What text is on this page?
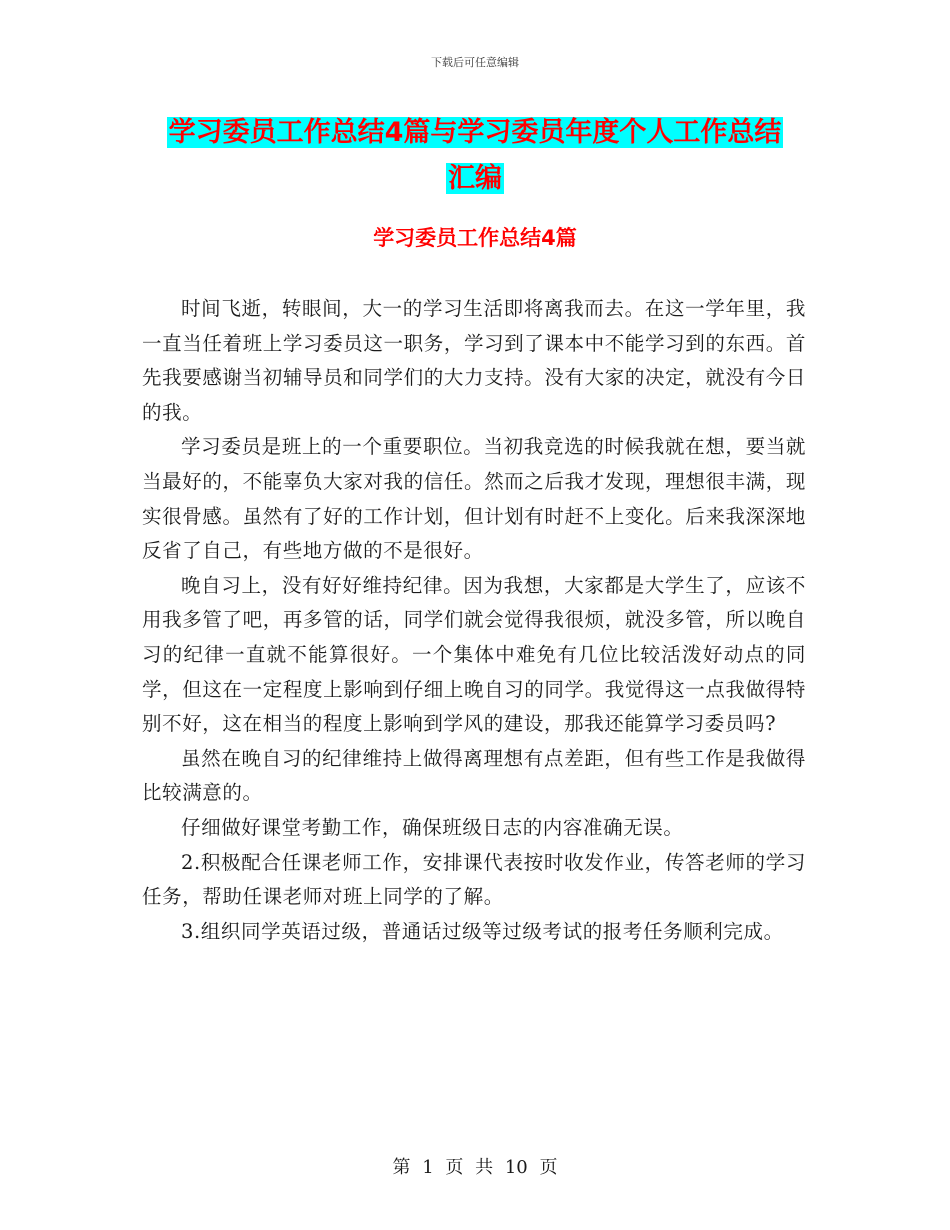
下载后可任意编辑
学习委员工作总结4篇与学习委员年度个人工作总结
汇编
学习委员工作总结4篇

时间飞逝，转眼间，大一的学习生活即将离我而去。在这一学年里，我一直当任着班上学习委员这一职务，学习到了课本中不能学习到的东西。首先我要感谢当初辅导员和同学们的大力支持。没有大家的决定，就没有今日的我。

学习委员是班上的一个重要职位。当初我竞选的时候我就在想，要当就当最好的，不能辜负大家对我的信任。然而之后我才发现，理想很丰满，现实很骨感。虽然有了好的工作计划，但计划有时赶不上变化。后来我深深地反省了自己，有些地方做的不是很好。

晚自习上，没有好好维持纪律。因为我想，大家都是大学生了，应该不用我多管了吧，再多管的话，同学们就会觉得我很烦，就没多管，所以晚自习的纪律一直就不能算很好。一个集体中难免有几位比较活泼好动点的同学，但这在一定程度上影响到仔细上晚自习的同学。我觉得这一点我做得特别不好，这在相当的程度上影响到学风的建设，那我还能算学习委员吗?

虽然在晚自习的纪律维持上做得离理想有点差距，但有些工作是我做得比较满意的。

仔细做好课堂考勤工作，确保班级日志的内容准确无误。

2.积极配合任课老师工作，安排课代表按时收发作业，传答老师的学习任务，帮助任课老师对班上同学的了解。

3.组织同学英语过级，普通话过级等过级考试的报考任务顺利完成。

第 1 页 共 10 页
